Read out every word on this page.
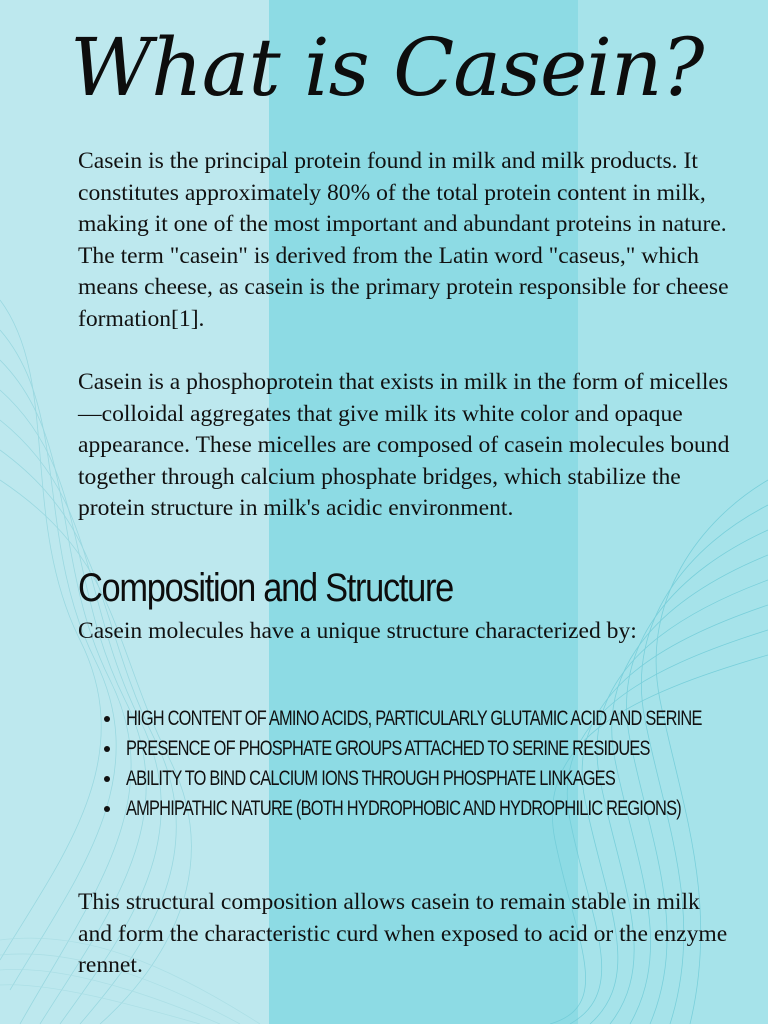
What is Casein?

Casein is the principal protein found in milk and milk products. It constitutes approximately 80% of the total protein content in milk, making it one of the most important and abundant proteins in nature. The term "casein" is derived from the Latin word "caseus," which means cheese, as casein is the primary protein responsible for cheese formation[1].

Casein is a phosphoprotein that exists in milk in the form of micelles—colloidal aggregates that give milk its white color and opaque appearance. These micelles are composed of casein molecules bound together through calcium phosphate bridges, which stabilize the protein structure in milk's acidic environment.

Composition and Structure

Casein molecules have a unique structure characterized by:

HIGH CONTENT OF AMINO ACIDS, PARTICULARLY GLUTAMIC ACID AND SERINE
PRESENCE OF PHOSPHATE GROUPS ATTACHED TO SERINE RESIDUES
ABILITY TO BIND CALCIUM IONS THROUGH PHOSPHATE LINKAGES
AMPHIPATHIC NATURE (BOTH HYDROPHOBIC AND HYDROPHILIC REGIONS)

This structural composition allows casein to remain stable in milk and form the characteristic curd when exposed to acid or the enzyme rennet.
